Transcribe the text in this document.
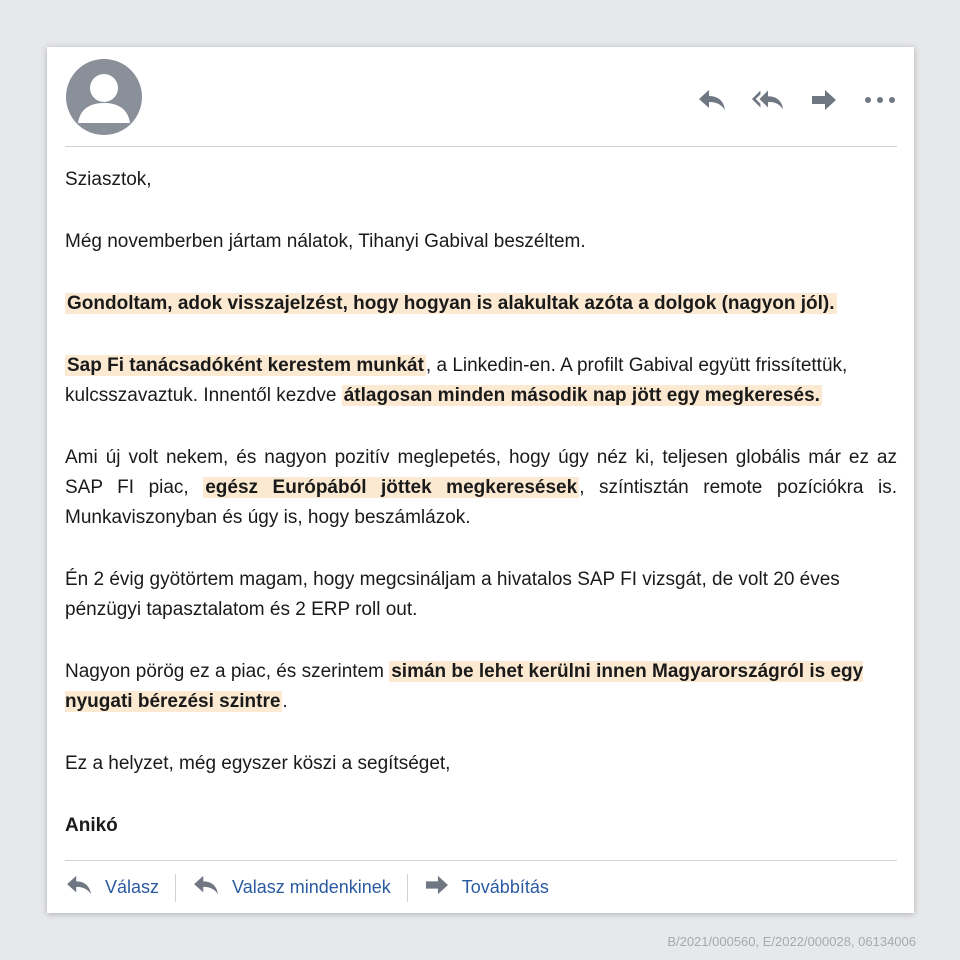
Sziasztok,

Még novemberben jártam nálatok, Tihanyi Gabival beszéltem.

Gondoltam, adok visszajelzést, hogy hogyan is alakultak azóta a dolgok (nagyon jól).

Sap Fi tanácsadóként kerestem munkát , a Linkedin-en. A profilt Gabival együtt frissítettük, kulcsszavaztuk. Innentől kezdve átlagosan minden második nap jött egy megkeresés.

Ami új volt nekem, és nagyon pozitív meglepetés, hogy úgy néz ki, teljesen globális már ez az SAP FI piac, egész Európából jöttek megkeresések , színtisztán remote pozíciókra is. Munkaviszonyban és úgy is, hogy beszámlázok.

Én 2 évig gyötörtem magam, hogy megcsináljam a hivatalos SAP FI vizsgát, de volt 20 éves pénzügyi tapasztalatom és 2 ERP roll out.

Nagyon pörög ez a piac, és szerintem simán be lehet kerülni innen Magyarországról is egy nyugati bérezési szintre .

Ez a helyzet, még egyszer köszi a segítséget,

Anikó

Válasz	Valasz mindenkinek	Továbbítás
B/2021/000560, E/2022/000028, 06134006
